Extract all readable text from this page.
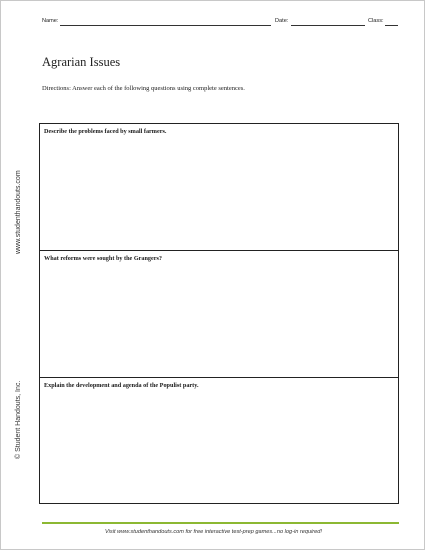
Name:	Date:	Class:
Agrarian Issues
Directions: Answer each of the following questions using complete sentences.
Describe the problems faced by small farmers.
What reforms were sought by the Grangers?
Explain the development and agenda of the Populist party.
www.studenthandouts.com
© Student Handouts, Inc.
Visit www.studenthandouts.com for free interactive test-prep games...no log-in required!
